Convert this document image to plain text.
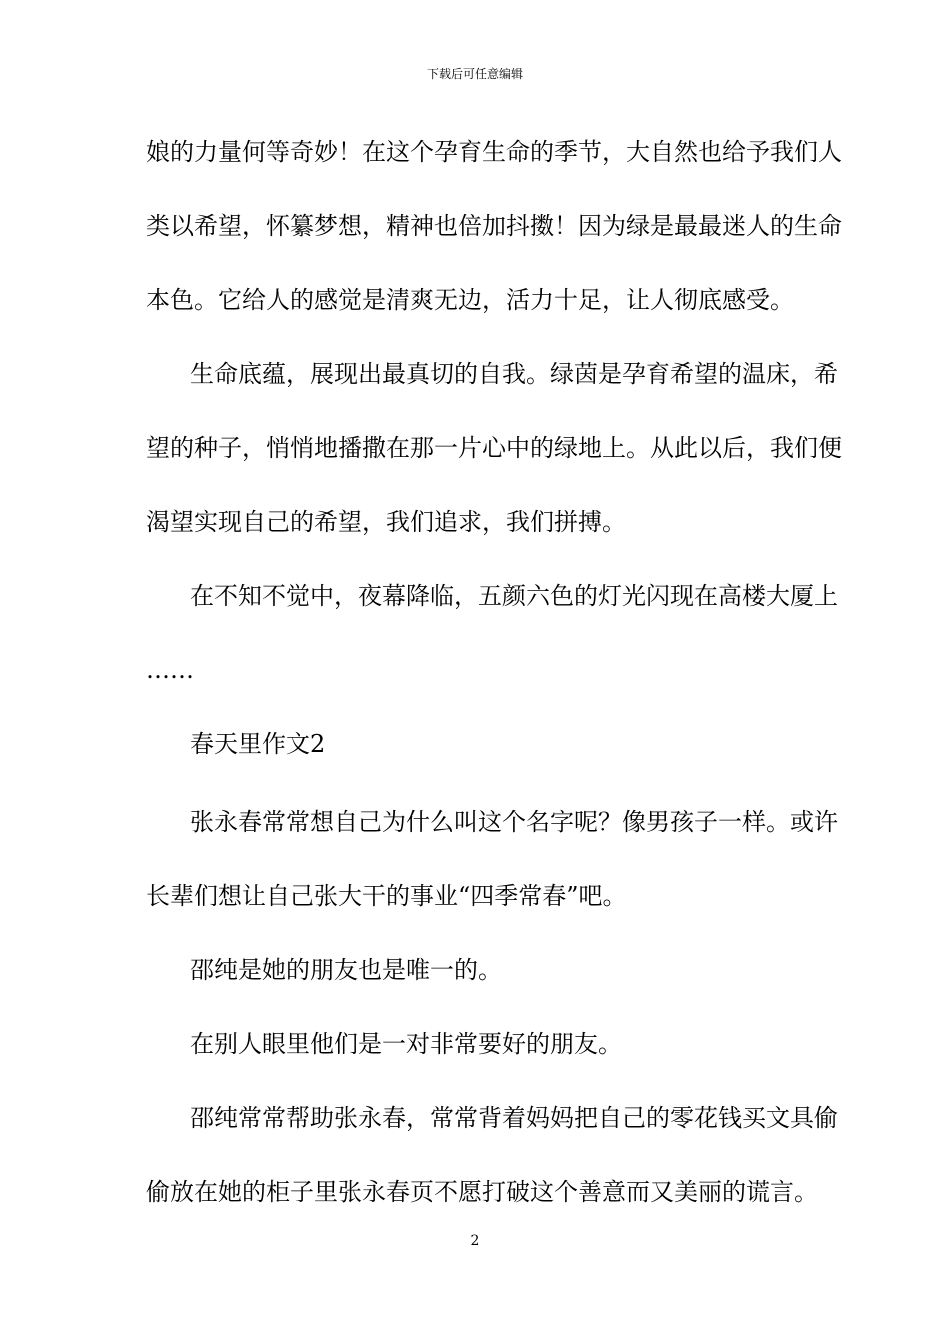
下载后可任意编辑
娘的力量何等奇妙！在这个孕育生命的季节，大自然也给予我们人
类以希望，怀纂梦想，精神也倍加抖擞！因为绿是最最迷人的生命
本色。它给人的感觉是清爽无边，活力十足，让人彻底感受。
生命底蕴，展现出最真切的自我。绿茵是孕育希望的温床，希
望的种子，悄悄地播撒在那一片心中的绿地上。从此以后，我们便
渴望实现自己的希望，我们追求，我们拼搏。
在不知不觉中，夜幕降临，五颜六色的灯光闪现在高楼大厦上
……
春天里作文2
张永春常常想自己为什么叫这个名字呢？像男孩子一样。或许
长辈们想让自己张大干的事业“四季常春”吧。
邵纯是她的朋友也是唯一的。
在别人眼里他们是一对非常要好的朋友。
邵纯常常帮助张永春，常常背着妈妈把自己的零花钱买文具偷
偷放在她的柜子里张永春页不愿打破这个善意而又美丽的谎言。
2
